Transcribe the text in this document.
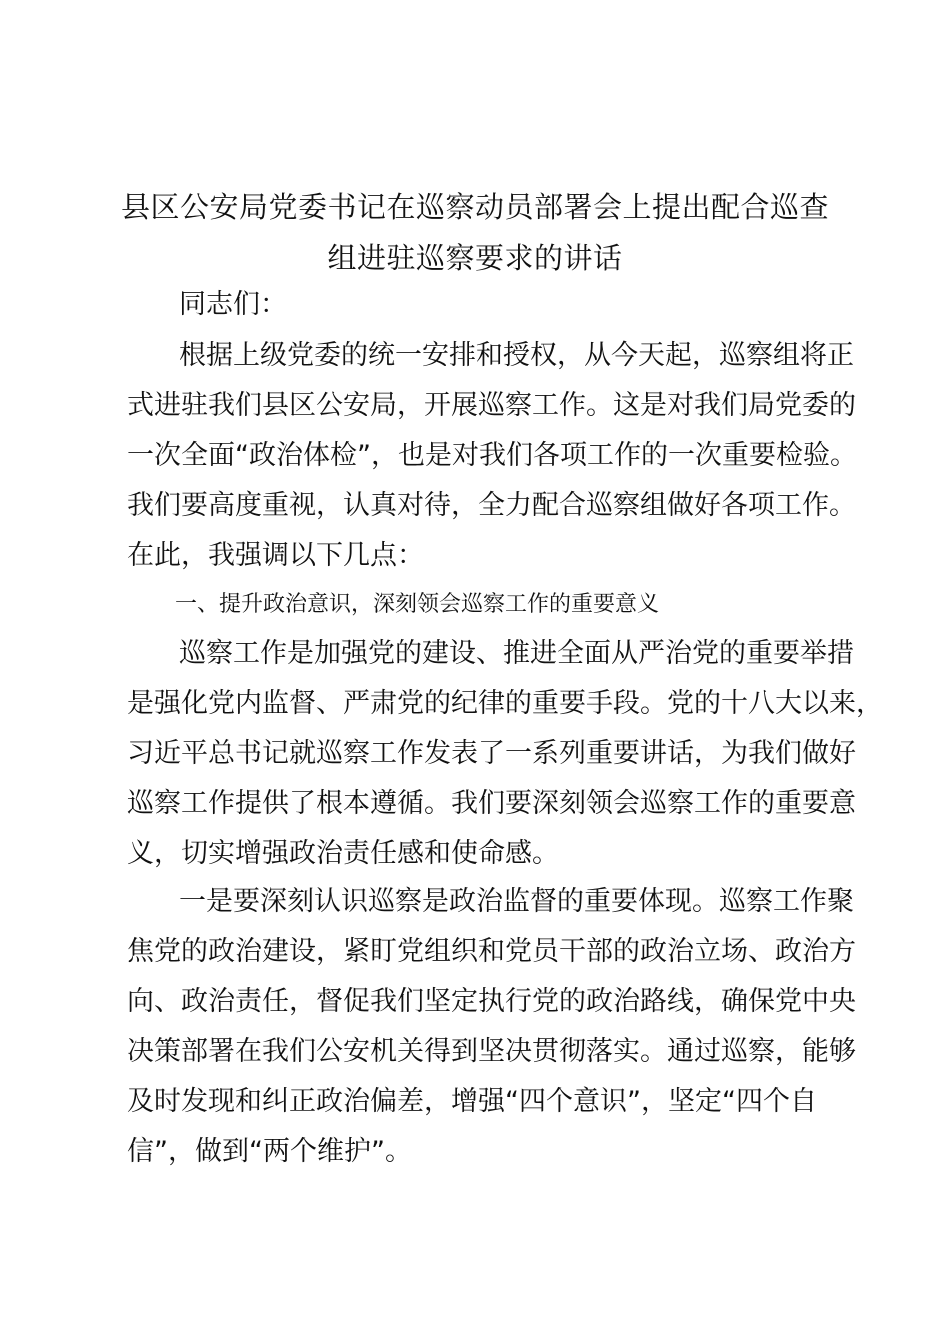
县区公安局党委书记在巡察动员部署会上提出配合巡查
组进驻巡察要求的讲话
同志们：
根据上级党委的统一安排和授权，从今天起，巡察组将正
式进驻我们县区公安局，开展巡察工作。这是对我们局党委的
一次全面“政治体检”，也是对我们各项工作的一次重要检验。
我们要高度重视，认真对待，全力配合巡察组做好各项工作。
在此，我强调以下几点：
一、提升政治意识，深刻领会巡察工作的重要意义
巡察工作是加强党的建设、推进全面从严治党的重要举措
是强化党内监督、严肃党的纪律的重要手段。党的十八大以来，
习近平总书记就巡察工作发表了一系列重要讲话，为我们做好
巡察工作提供了根本遵循。我们要深刻领会巡察工作的重要意
义，切实增强政治责任感和使命感。
一是要深刻认识巡察是政治监督的重要体现。巡察工作聚
焦党的政治建设，紧盯党组织和党员干部的政治立场、政治方
向、政治责任，督促我们坚定执行党的政治路线，确保党中央
决策部署在我们公安机关得到坚决贯彻落实。通过巡察，能够
及时发现和纠正政治偏差，增强“四个意识”，坚定“四个自
信”，做到“两个维护”。
